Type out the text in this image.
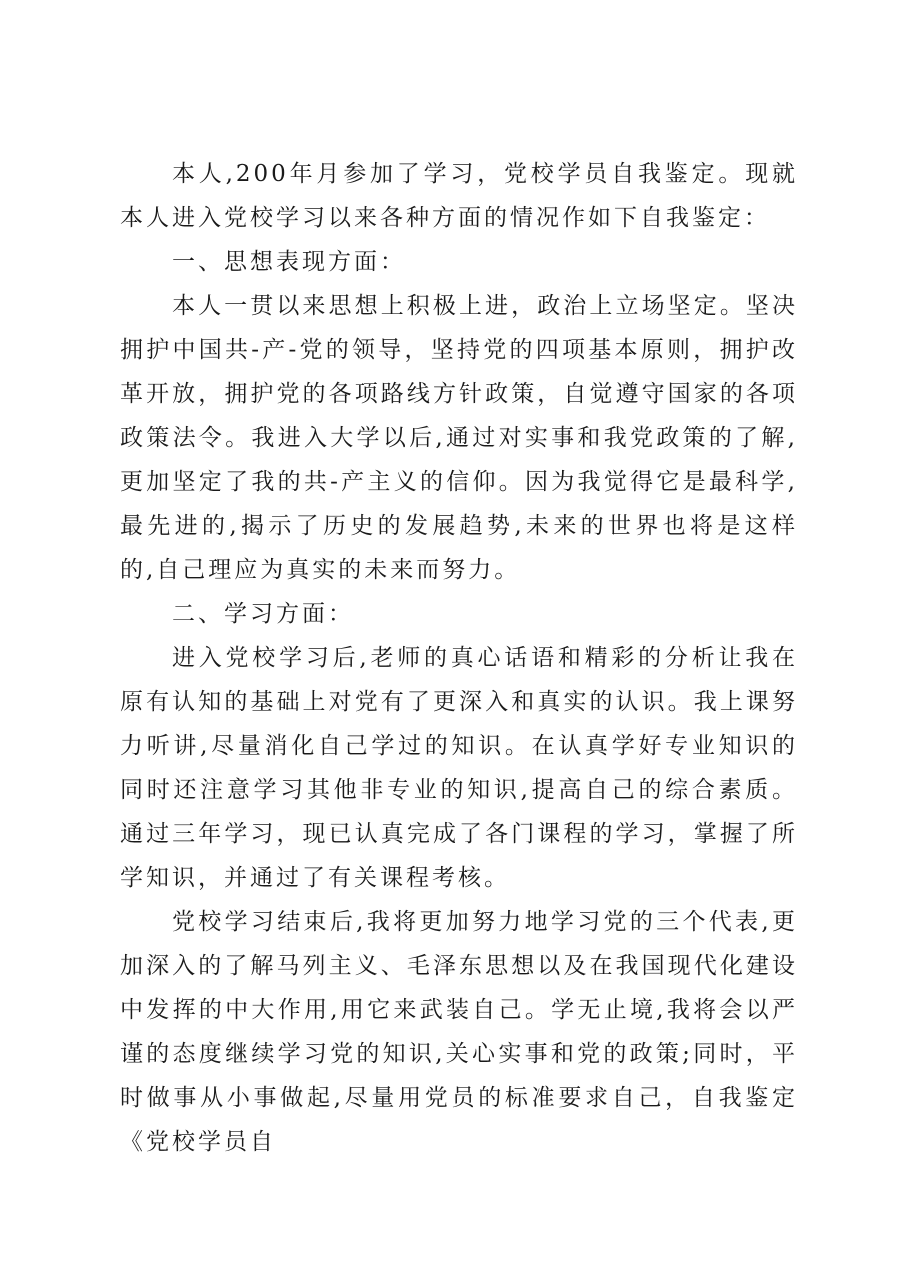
本人,200年月参加了学习，党校学员自我鉴定。现就本人进入党校学习以来各种方面的情况作如下自我鉴定：

一、思想表现方面：

本人一贯以来思想上积极上进，政治上立场坚定。坚决拥护中国共-产-党的领导，坚持党的四项基本原则，拥护改革开放，拥护党的各项路线方针政策，自觉遵守国家的各项政策法令。我进入大学以后,通过对实事和我党政策的了解,更加坚定了我的共-产主义的信仰。因为我觉得它是最科学,最先进的,揭示了历史的发展趋势,未来的世界也将是这样的,自己理应为真实的未来而努力。

二、学习方面：

进入党校学习后,老师的真心话语和精彩的分析让我在原有认知的基础上对党有了更深入和真实的认识。我上课努力听讲,尽量消化自己学过的知识。在认真学好专业知识的同时还注意学习其他非专业的知识,提高自己的综合素质。通过三年学习，现已认真完成了各门课程的学习，掌握了所学知识，并通过了有关课程考核。

党校学习结束后,我将更加努力地学习党的三个代表,更加深入的了解马列主义、毛泽东思想以及在我国现代化建设中发挥的中大作用,用它来武装自己。学无止境,我将会以严谨的态度继续学习党的知识,关心实事和党的政策;同时，平时做事从小事做起,尽量用党员的标准要求自己，自我鉴定《党校学员自
